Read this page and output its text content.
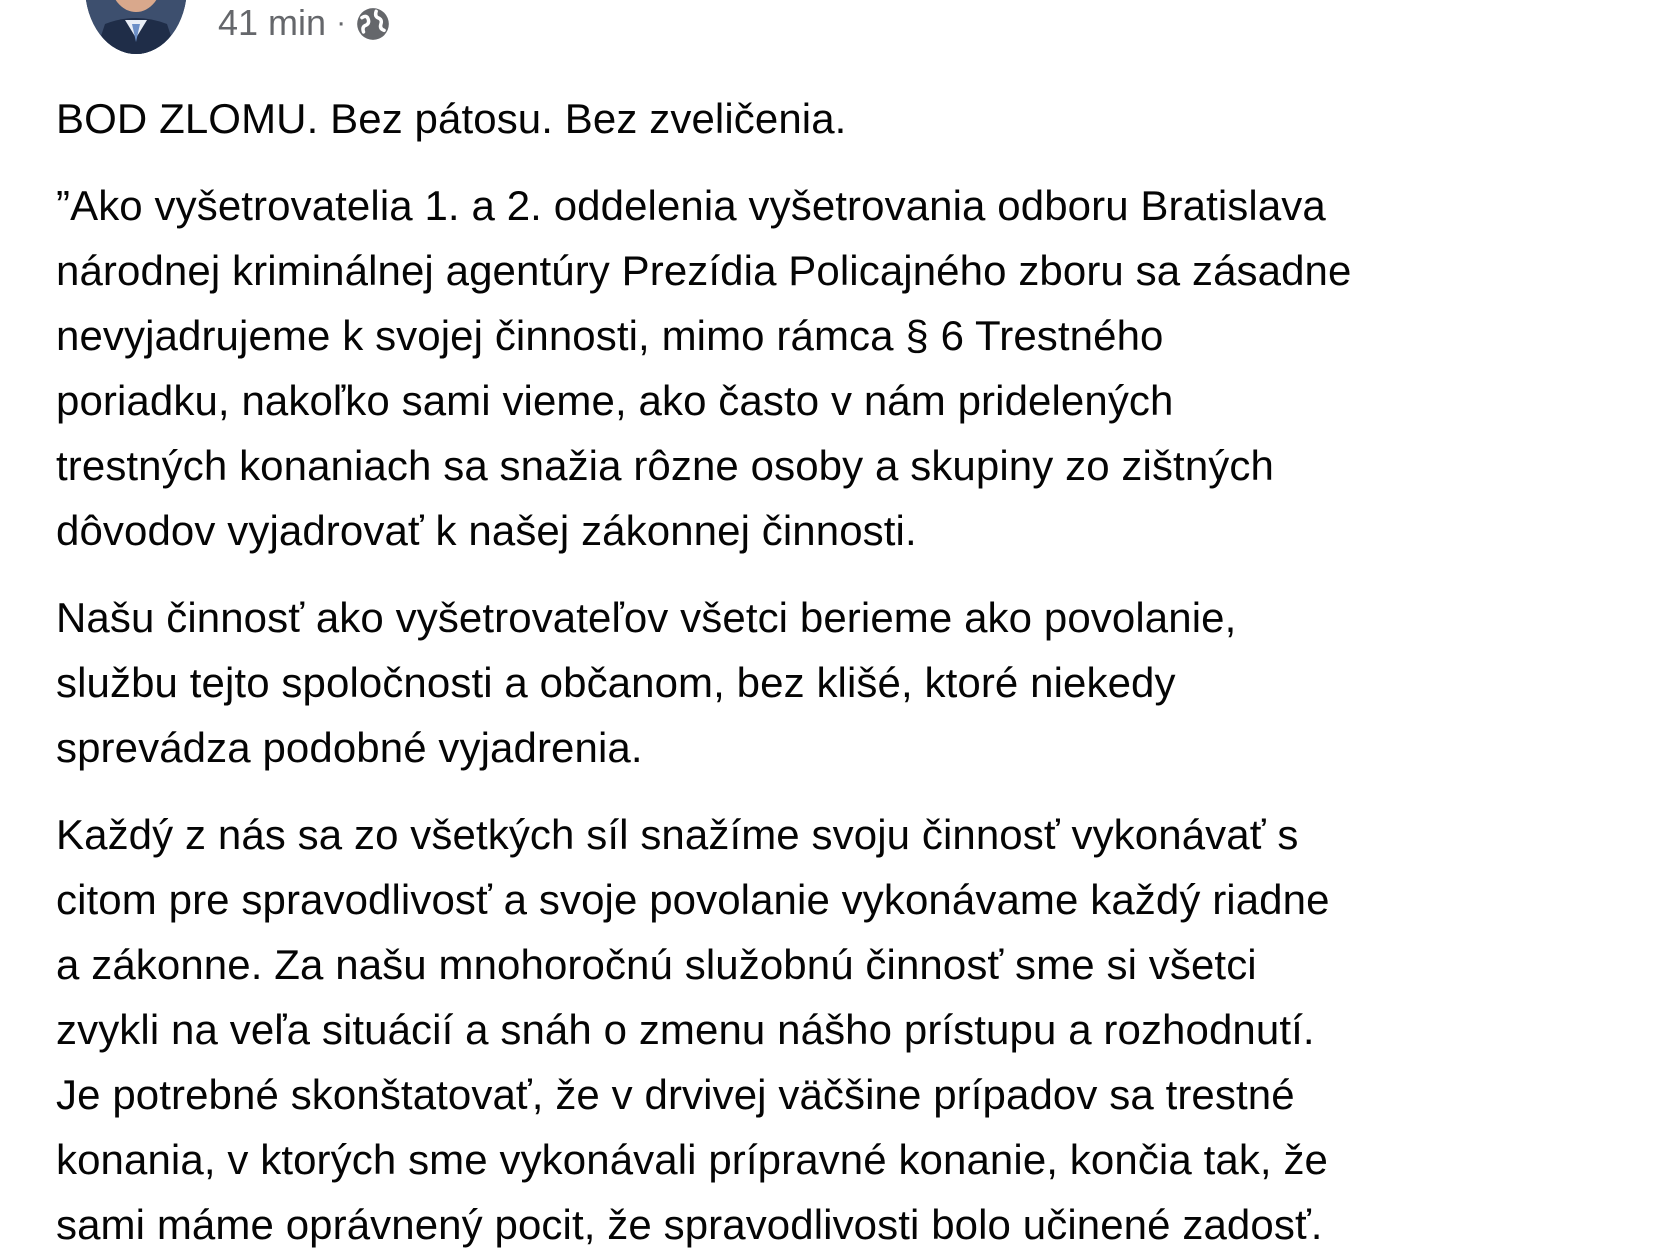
41 min ·

BOD ZLOMU. Bez pátosu. Bez zveličenia.

”Ako vyšetrovatelia 1. a 2. oddelenia vyšetrovania odboru Bratislava
národnej kriminálnej agentúry Prezídia Policajného zboru sa zásadne
nevyjadrujeme k svojej činnosti, mimo rámca § 6 Trestného
poriadku, nakoľko sami vieme, ako často v nám pridelených
trestných konaniach sa snažia rôzne osoby a skupiny zo zištných
dôvodov vyjadrovať k našej zákonnej činnosti.

Našu činnosť ako vyšetrovateľov všetci berieme ako povolanie,
službu tejto spoločnosti a občanom, bez klišé, ktoré niekedy
sprevádza podobné vyjadrenia.

Každý z nás sa zo všetkých síl snažíme svoju činnosť vykonávať s
citom pre spravodlivosť a svoje povolanie vykonávame každý riadne
a zákonne. Za našu mnohoročnú služobnú činnosť sme si všetci
zvykli na veľa situácií a snáh o zmenu nášho prístupu a rozhodnutí.
Je potrebné skonštatovať, že v drvivej väčšine prípadov sa trestné
konania, v ktorých sme vykonávali prípravné konanie, končia tak, že
sami máme oprávnený pocit, že spravodlivosti bolo učinené zadosť.
